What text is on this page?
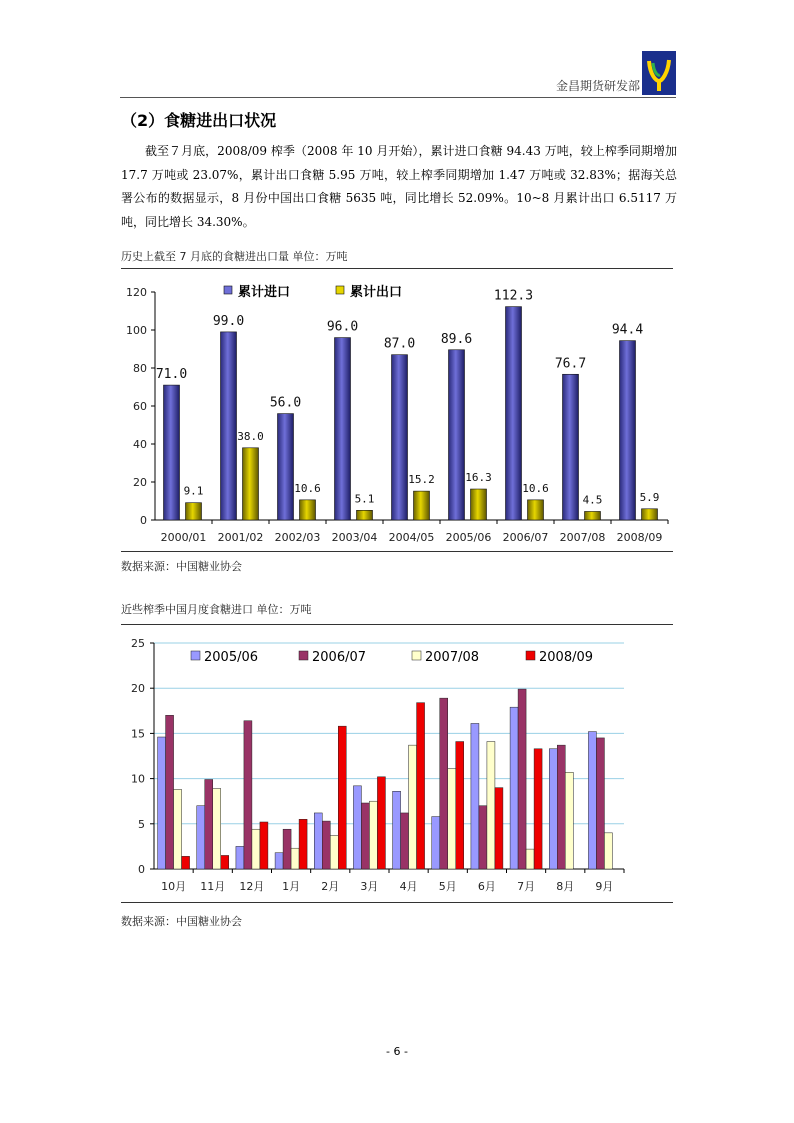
金昌期货研发部
（2）食糖进出口状况

截至７月底，2008/09 榨季（2008 年 10 月开始），累计进口食糖 94.43 万吨，较上榨季同期增加 17.7 万吨或 23.07%，累计出口食糖 5.95 万吨，较上榨季同期增加 1.47 万吨或 32.83%；据海关总署公布的数据显示，8 月份中国出口食糖 5635 吨，同比增长 52.09%。10~8 月累计出口 6.5117 万吨，同比增长 34.30%。

历史上截至 7 月底的食糖进出口量 单位：万吨
0
20
40
60
80
100
120
2000/01
71.0
9.1
2001/02
99.0
38.0
2002/03
56.0
10.6
2003/04
96.0
5.1
2004/05
87.0
15.2
2005/06
89.6
16.3
2006/07
112.3
10.6
2007/08
76.7
4.5
2008/09
94.4
5.9
累计进口	累计出口
数据来源：中国糖业协会
近些榨季中国月度食糖进口 单位：万吨
0
5
10
15
20
25
10月 11月 12月 1月 2月 3月 4月 5月 6月 7月 8月 9月
2005/06	2006/07	2007/08	2008/09
数据来源：中国糖业协会
- 6 -
